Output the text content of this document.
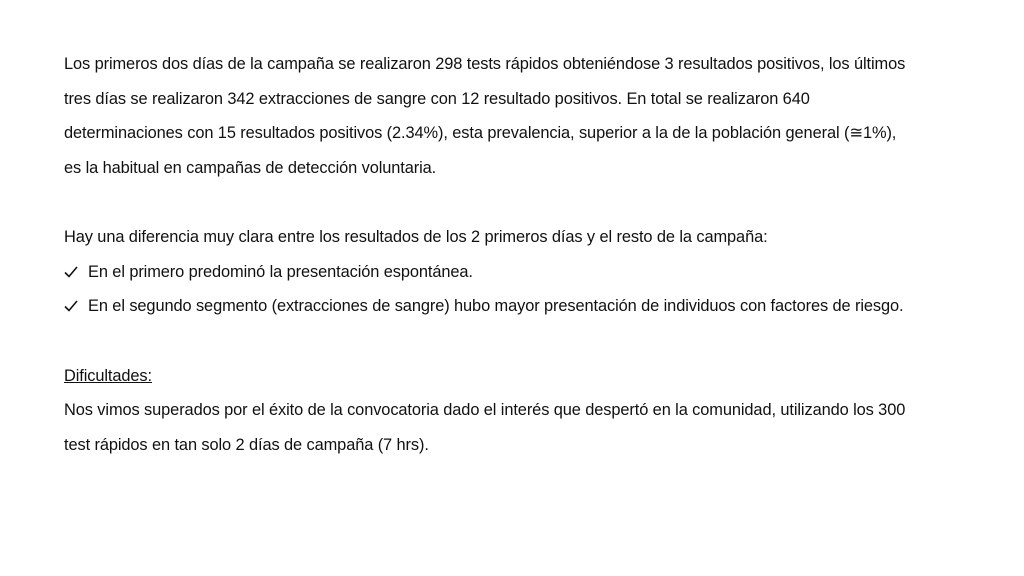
Los primeros dos días de la campaña se realizaron 298 tests rápidos obteniéndose 3 resultados positivos, los últimos
tres días se realizaron 342 extracciones de sangre con 12 resultado positivos. En total se realizaron 640
determinaciones con 15 resultados positivos (2.34%), esta prevalencia, superior a la de la población general (≅1%),
es la habitual en campañas de detección voluntaria.
Hay una diferencia muy clara entre los resultados de los 2 primeros días y el resto de la campaña:
En el primero predominó la presentación espontánea.
En el segundo segmento (extracciones de sangre) hubo mayor presentación de individuos con factores de riesgo.
Dificultades:
Nos vimos superados por el éxito de la convocatoria dado el interés que despertó en la comunidad, utilizando los 300
test rápidos en tan solo 2 días de campaña (7 hrs).
